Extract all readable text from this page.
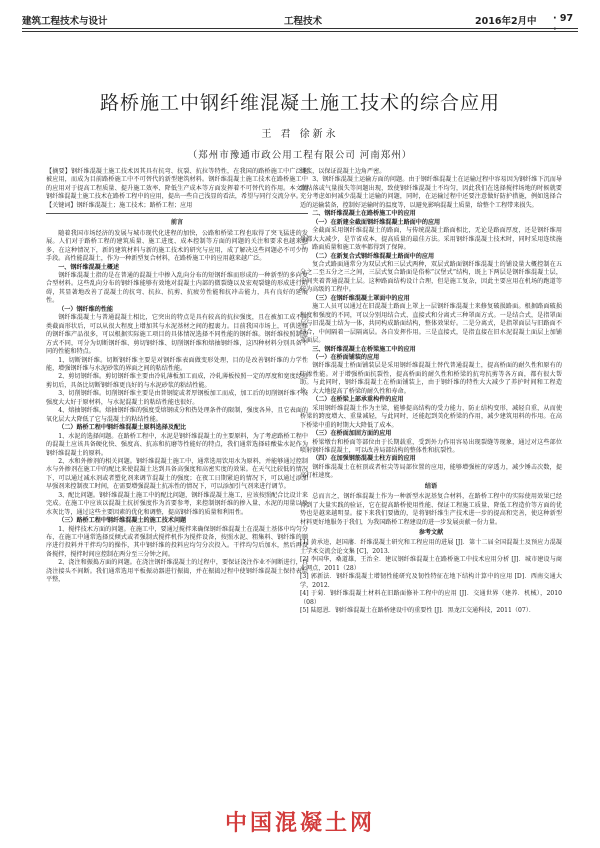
建筑工程技术与设计	工程技术	2016年2月中 · 97 ·
路桥施工中钢纤维混凝土施工技术的综合应用
王 君 徐新永
（郑州市豫通市政公用工程有限公司 河南郑州）

【摘要】钢纤维混凝土施工技术因其具有抗弯、抗裂、抗拉等特性，在我国的路桥施工中广泛地被应用，而成为目前路桥施工中不可替代的新型建筑材料。钢纤维混凝土施工技术在路桥施工中的应用对于提高工程质量、提升施工效率、降低生产成本等方面发挥着不可替代的作用。本文就钢纤维混凝土施工技术在路桥工程中的应用，提出一些自己浅显的看法，希望与同行交流分享。

【关键词】钢纤维混凝土；施工技术；路桥工程；应用

前言

随着我国市场经济的发展与城市现代化进程的加快，公路和桥梁工程也取得了突飞猛进的发展。人们对于路桥工程的建筑质量、施工进度、成本控制等方面的问题的关注和要求也越来越多，在这种情况下，新的建筑材料与新的施工技术的研究与应用，成了解决这些问题必不可少的手段。高性能混凝土，作为一种新型复合材料，在路桥施工中的应用越来越广泛。

一、钢纤维混凝土概述

钢纤维混凝土指的是在普通的混凝土中掺入乱向分布的短钢纤维而形成的一种新型的多向复合型材料。这些乱向分布的钢纤维能够有效地对混凝土内部的微裂缝以及宏观裂缝的形成进行阻碍，其显著地改善了混凝土的抗弯、抗拉、抗剪、抗疲劳性能和抗冲击能力，具有良好的延展性。

（一）钢纤维的性能

钢纤维混凝土与普通混凝土相比，它突出的特点是具有较高的抗拉强度，且在被加工成不同类截面形状后，可以从很大程度上增加其与水泥基材之间的握裹力。目前我国市场上，可供选择的钢纤维产品很多，可以根据实际施工项目的具体情况选择不同性能的钢纤维。钢纤维按照制造方式不同，可分为切断钢纤维、剪切钢纤维、切削钢纤维和熔抽钢纤维，这四种材料分别具备不同的性能和特点。

1、切断钢纤维。切断钢纤维主要是对钢纤维表面做变形处理，目的是改善钢纤维的力学性能，增强钢纤维与水泥砂浆的界面之间的粘结性能。

2、剪切钢纤维。剪切钢纤维主要由冷轧薄板加工而成，冷轧薄板按照一定的厚度和宽度经过剪切后，具备比切断钢纤维更良好的与水泥砂浆的粘结性能。

3、切削钢纤维。切削钢纤维主要是由普钢锭或者厚钢板加工而成，加工后的切削钢纤维不仅强度大大好于原材料，与水泥混凝土的粘结性能也很好。

4、熔抽钢纤维。熔抽钢纤维的强度受熔钢成分和热处理条件的限制，强度各异，且它表面的氧化层大大降低了它与混凝土的粘结性能。

（二）路桥工程中钢纤维混凝土原料选择及配比

1、水泥的选择问题。在路桥工程中，水泥是钢纤维混凝土的主要原料，为了考虑路桥工程中的混凝土应该具备硬化快、强度高、抗冻和抗磨等性能好的特点，我们通常选择硅酸盐水泥作为钢纤维混凝土的原料。

2、水和外掺剂的相关问题。钢纤维混凝土施工中，通常选用饮用水为原料，并能够通过控制水与外掺剂在施工中的配比来使混凝土达到具备高强度和高密实度的效果。在天气比较低的情况下，可以通过减水剂或者塑化剂来调节混凝土的强度；在夜工日期紧迫的情况下，可以通过添加早强剂来控制夜工时间，在需要增强混凝土抗冻性的情况下，可以添加引气剂来进行调节。

3、配比问题。钢纤维混凝土施工中的配比问题，钢纤维混凝土施工，应该按照配合比设计来完成。在施工中应该以混凝土抗折强度作为首要参考，来控制钢纤维的掺入量、水泥的用量以及水灰比等，通过这些主要因素的优化和调整，提高钢纤维的质量和利用性。

（三）路桥工程中钢纤维混凝土的施工技术问题

1、搅拌技术方面的问题。在施工中，要通过搅拌来确保钢纤维混凝土在混凝土基体中均匀分布，在施工中通常选择反倾式或者强制式搅拌机作为搅拌设备，按照水泥、粗集料、钢纤维的顺序进行投料并干拌均匀的操作，其中钢纤维的投料应均匀分次投入。干拌均匀后加水，然后再设备搅拌，搅拌时间应控制在两分至三分钟之间。

2、浇注和振捣方面的问题。在浇注钢纤维混凝土的过程中，要保证浇注作业不间断进行，且浇注接头不间断。我们通常选用平板振动器进行振捣，并在振捣过程中使钢纤维混凝土保持表层平整，

排浆，以保证混凝土边角严密。

3、钢纤维混凝土运输方面的问题。由于钢纤维混凝土在运输过程中容易因为钢纤维下沉而导致粘落或气量损失等问题出现，致使钢纤维混凝土不均匀，因此我们在选择搅拌场地的时候就要充分考虑如何减少混凝土运输的问题，同时，在运输过程中还要注意做好防护措施，例如选择合适的运输装备，控制好运输时的温度等，以避免影响混凝土质量，给整个工程带来损失。

二、钢纤维混凝土在路桥施工中的应用

（一）在新建全截面钢纤维混凝土路面中的应用

全截面采用钢纤维混凝土的路面，与传统混凝土路面相比，无论是路面厚度，还是钢纤维用量都大大减少，是节省成本，提高质量的最佳方法。采用钢纤维混凝土技术时，同时采用连续施工，路面质量和施工效率都得到了保障。

（二）在新复合式钢纤维混凝土路面中的应用

复合式路面通常分为双层式和三层式两种，双层式路面钢纤维混凝土的铺设量大概控制在五分之二至五分之三之间，三层式复合路面是俗称“汉堡式”结构，既上下两层是钢纤维混凝土层，中间夹着普通混凝土层。这种路面结构设计合理，但是施工复杂，因此主要应用在机场的跑道等较为高级的工程中。

（三）在钢纤维混凝土罩面中的应用

施工人员可以通过在旧混凝土路面上罩上一层钢纤维混凝土来修复破损路面。根据路面破损程度和强度的不同，可以分别用结合式、直接式和分离式三种罩面方式。一是结合式，是指罩面层与旧混凝土结为一体，共同构成路面结构，整体效果好。二是分离式，是指罩面层与旧路面不结合，中间隔着一层隔离层。各自发挥作用。三是直接式，是指直接在旧水泥混凝土面层上加铺罩面层。

三、钢纤维混凝土在桥梁施工中的应用

（一）在桥面铺装的应用

钢纤维混凝土桥面铺装层是采用钢纤维混凝土替代普通混凝土，提高桥面的耐久性和原有的防渗性能。对于增强桥面抗裂性，提高桥面的耐久性和桥梁的抗弯抗剪等各方面，都有很大帮助。与此同时，钢纤维混凝土在桥面铺装上，由于钢纤维的特性大大减少了养护时间和工程造价，大大地提高了桥梁的耐久性和寿命。

（二）在桥梁上部承重构件的应用

采用钢纤维混凝土作为主梁，能够提高结构的受力能力，防止结构变形，减轻自重，从而使桥梁的跨度增大、重量减轻，与此同时，还能起到美化桥梁的作用，减少建筑用料的作用。在高下桥梁中重的时期大大降低了成本。

（三）在桥面加固方面的应用

桥梁墩台和桥面等部位由于长期载重，受到外力作用容易出现裂缝等现象，通过对这些部位喷射钢纤维混凝土，可以改善局部结构的整体性和抗裂性。

（四）在加强钢筋混凝土柱方面的应用

钢纤维混凝土在桩顶或者桩尖等局部位置的应用，能够增强桩的穿透力，减少锤击次数，提高打桩速度。

结语

总而言之，钢纤维混凝土作为一种新型水泥基复合材料，在路桥工程中的实际使用效果已经得到了大量实践的验证，它在提高路桥使用性能、保证工程施工质量、降低工程造价等方面的优势也是越来越明显。接下来我们要做的，是将钢纤维生产技术进一步的提高和完善，使这种新型材料更好地服务于我们，为我国路桥工程建设的进一步发展贡献一份力量。

参考文献

[1] 黄承逵，赵国藩．纤维混凝土研究和工程应用的进展 [J]．第十二届全国混凝土及预应力混凝土学术交流会论文集 [C]，2013.

[2] 李国华，桑道雄，王治全．建议钢纤维混凝土在路桥施工中技术应用分析 [J]．城市建设与商业网点，2011（28）

[3] 郭新法．钢纤维混凝土增韧性能研究及韧性特征在地下结构计算中的应用 [D]．西南交通大学，2012.

[4] 于菊．钢纤维混凝土材料在旧路面修补工程中的应用 [J]．交通世界（建养．机械），2010（08）

[5] 陆愿恩．钢纤维混凝土在路桥建设中的重要性 [J]．黑龙江交通科技，2011（07）．

中国混凝土网
